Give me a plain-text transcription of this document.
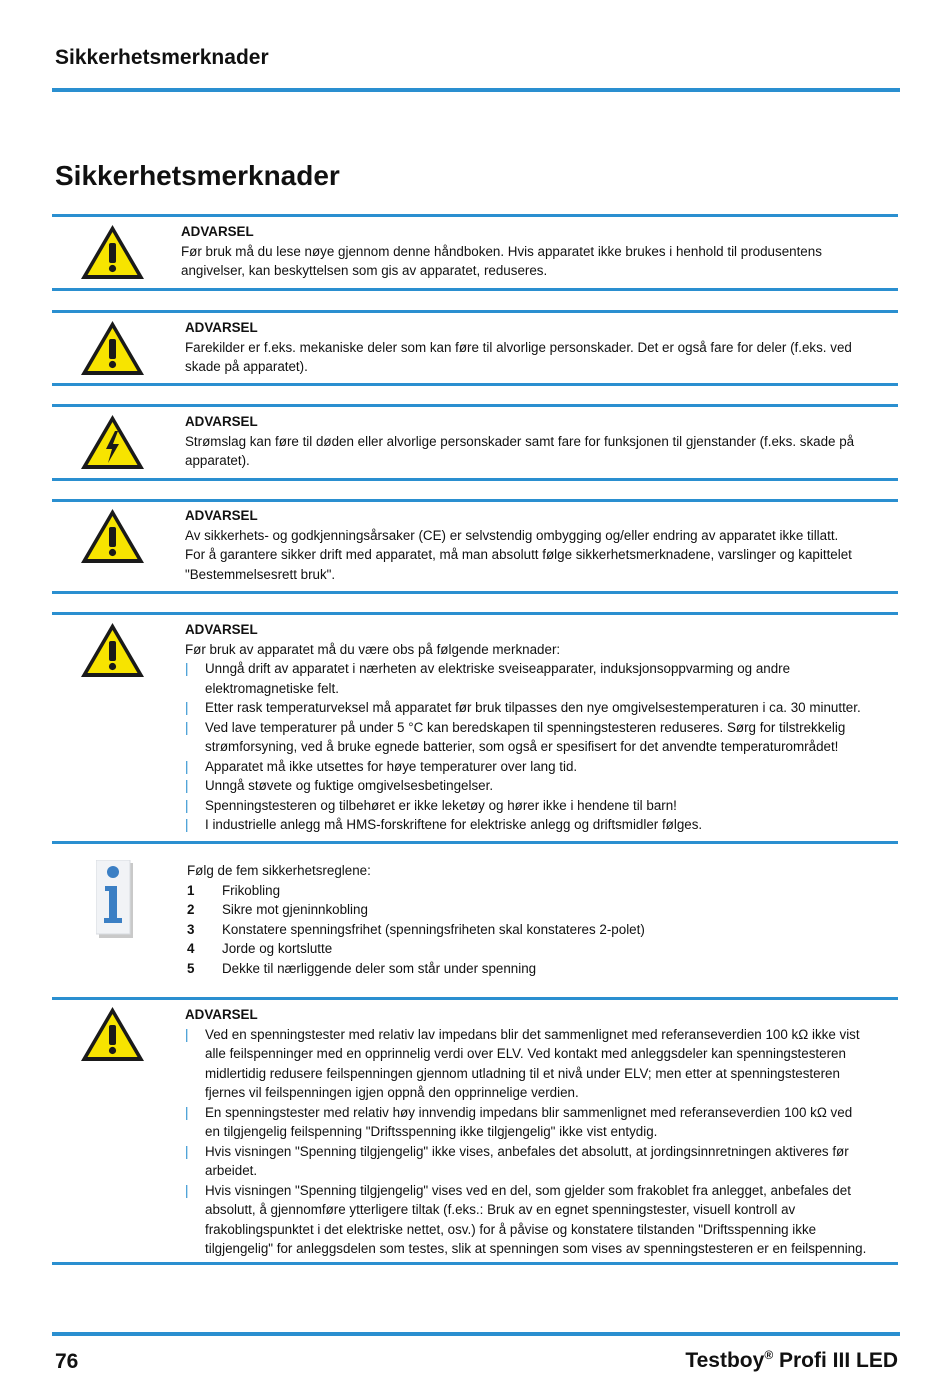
Sikkerhetsmerknader
Sikkerhetsmerknader
ADVARSEL
Før bruk må du lese nøye gjennom denne håndboken. Hvis apparatet ikke brukes i henhold til produsentens
angivelser, kan beskyttelsen som gis av apparatet, reduseres.
ADVARSEL
Farekilder er f.eks. mekaniske deler som kan føre til alvorlige personskader. Det er også fare for deler (f.eks. ved
skade på apparatet).
ADVARSEL
Strømslag kan føre til døden eller alvorlige personskader samt fare for funksjonen til gjenstander (f.eks. skade på
apparatet).
ADVARSEL
Av sikkerhets- og godkjenningsårsaker (CE) er selvstendig ombygging og/eller endring av apparatet ikke tillatt.
For å garantere sikker drift med apparatet, må man absolutt følge sikkerhetsmerknadene, varslinger og kapittelet
"Bestemmelsesrett bruk".
ADVARSEL
Før bruk av apparatet må du være obs på følgende merknader:
| Unngå drift av apparatet i nærheten av elektriske sveiseapparater, induksjonsoppvarming og andre
elektromagnetiske felt.
| Etter rask temperaturveksel må apparatet før bruk tilpasses den nye omgivelsestemperaturen i ca. 30 minutter.
| Ved lave temperaturer på under 5 °C kan beredskapen til spenningstesteren reduseres. Sørg for tilstrekkelig
strømforsyning, ved å bruke egnede batterier, som også er spesifisert for det anvendte temperaturområdet!
| Apparatet må ikke utsettes for høye temperaturer over lang tid.
| Unngå støvete og fuktige omgivelsesbetingelser.
| Spenningstesteren og tilbehøret er ikke leketøy og hører ikke i hendene til barn!
| I industrielle anlegg må HMS-forskriftene for elektriske anlegg og driftsmidler følges.
Følg de fem sikkerhetsreglene:
1 Frikobling
2 Sikre mot gjeninnkobling
3 Konstatere spenningsfrihet (spenningsfriheten skal konstateres 2-polet)
4 Jorde og kortslutte
5 Dekke til nærliggende deler som står under spenning
ADVARSEL
| Ved en spenningstester med relativ lav impedans blir det sammenlignet med referanseverdien 100 kΩ ikke vist
alle feilspenninger med en opprinnelig verdi over ELV. Ved kontakt med anleggsdeler kan spenningstesteren
midlertidig redusere feilspenningen gjennom utladning til et nivå under ELV; men etter at spenningstesteren
fjernes vil feilspenningen igjen oppnå den opprinnelige verdien.
| En spenningstester med relativ høy innvendig impedans blir sammenlignet med referanseverdien 100 kΩ ved
en tilgjengelig feilspenning "Driftsspenning ikke tilgjengelig" ikke vist entydig.
| Hvis visningen "Spenning tilgjengelig" ikke vises, anbefales det absolutt, at jordingsinnretningen aktiveres før
arbeidet.
| Hvis visningen "Spenning tilgjengelig" vises ved en del, som gjelder som frakoblet fra anlegget, anbefales det
absolutt, å gjennomføre ytterligere tiltak (f.eks.: Bruk av en egnet spenningstester, visuell kontroll av
frakoblingspunktet i det elektriske nettet, osv.) for å påvise og konstatere tilstanden "Driftsspenning ikke
tilgjengelig" for anleggsdelen som testes, slik at spenningen som vises av spenningstesteren er en feilspenning.
76	Testboy® Profi III LED
